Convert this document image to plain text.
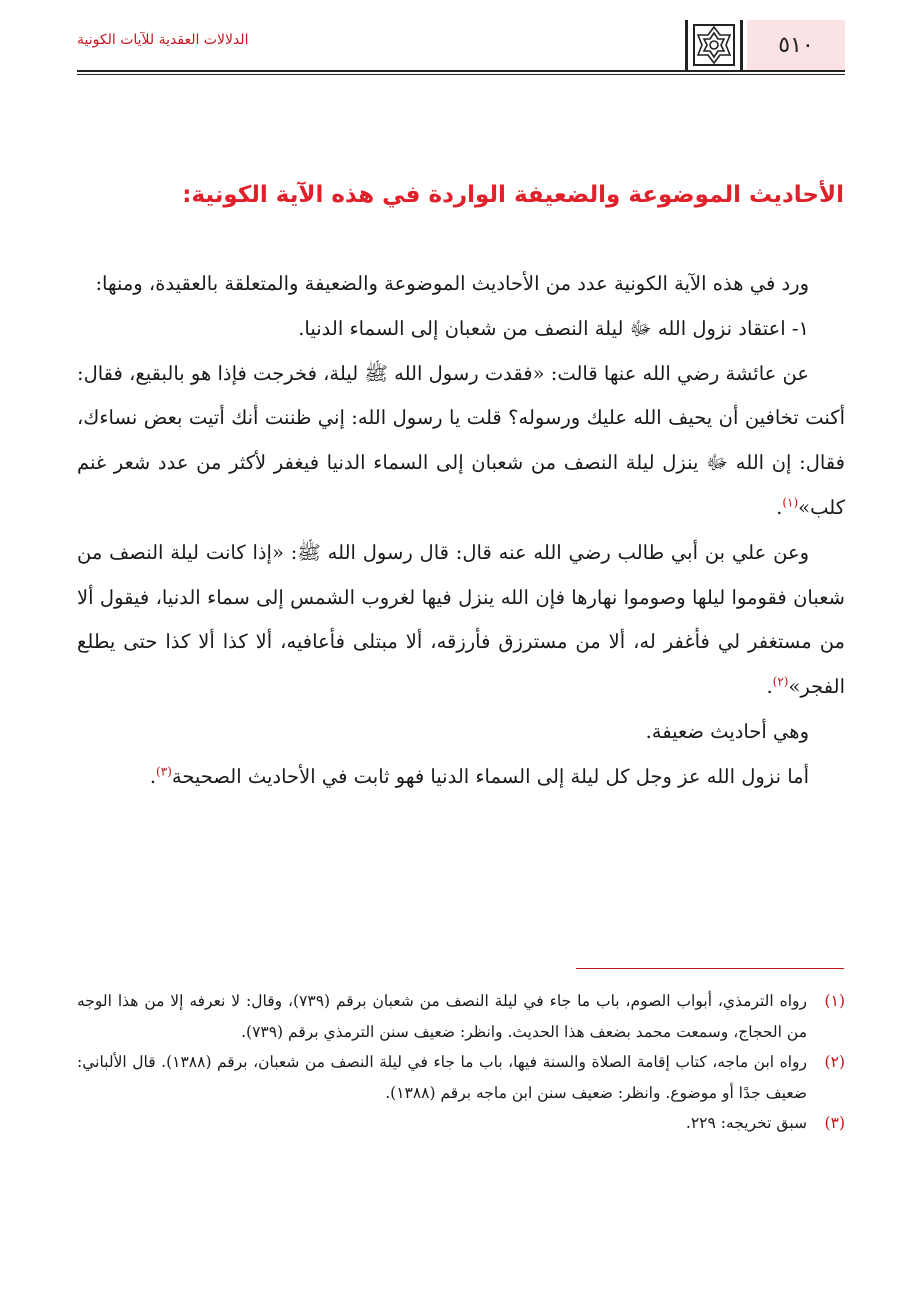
٥١٠
الدلالات العقدية للآيات الكونية
الأحاديث الموضوعة والضعيفة الواردة في هذه الآية الكونية:

ورد في هذه الآية الكونية عدد من الأحاديث الموضوعة والضعيفة والمتعلقة بالعقيدة، ومنها:

١- اعتقاد نزول الله ﷻ ليلة النصف من شعبان إلى السماء الدنيا.

عن عائشة رضي الله عنها قالت: «فقدت رسول الله ﷺ ليلة، فخرجت فإذا هو بالبقيع، فقال: أكنت تخافين أن يحيف الله عليك ورسوله؟ قلت يا رسول الله: إني ظننت أنك أتيت بعض نساءك، فقال: إن الله ﷻ ينزل ليلة النصف من شعبان إلى السماء الدنيا فيغفر لأكثر من عدد شعر غنم كلب»$^{(١)}$.

وعن علي بن أبي طالب رضي الله عنه قال: قال رسول الله ﷺ: «إذا كانت ليلة النصف من شعبان فقوموا ليلها وصوموا نهارها فإن الله ينزل فيها لغروب الشمس إلى سماء الدنيا، فيقول ألا من مستغفر لي فأغفر له، ألا من مسترزق فأرزقه، ألا مبتلى فأعافيه، ألا كذا ألا كذا حتى يطلع الفجر»$^{(٢)}$.

وهي أحاديث ضعيفة.

أما نزول الله عز وجل كل ليلة إلى السماء الدنيا فهو ثابت في الأحاديث الصحيحة$^{(٣)}$.

(١)
رواه الترمذي، أبواب الصوم، باب ما جاء في ليلة النصف من شعبان برقم (٧٣٩)، وقال: لا نعرفه إلا من هذا الوجه من الحجاج، وسمعت محمد بضعف هذا الحديث. وانظر: ضعيف سنن الترمذي برقم (٧٣٩).

(٢)
رواه ابن ماجه، كتاب إقامة الصلاة والسنة فيها، باب ما جاء في ليلة النصف من شعبان، برقم (١٣٨٨). قال الألباني: ضعيف جدًا أو موضوع. وانظر: ضعيف سنن ابن ماجه برقم (١٣٨٨).

(٣)
سبق تخريجه: ٢٢٩.
